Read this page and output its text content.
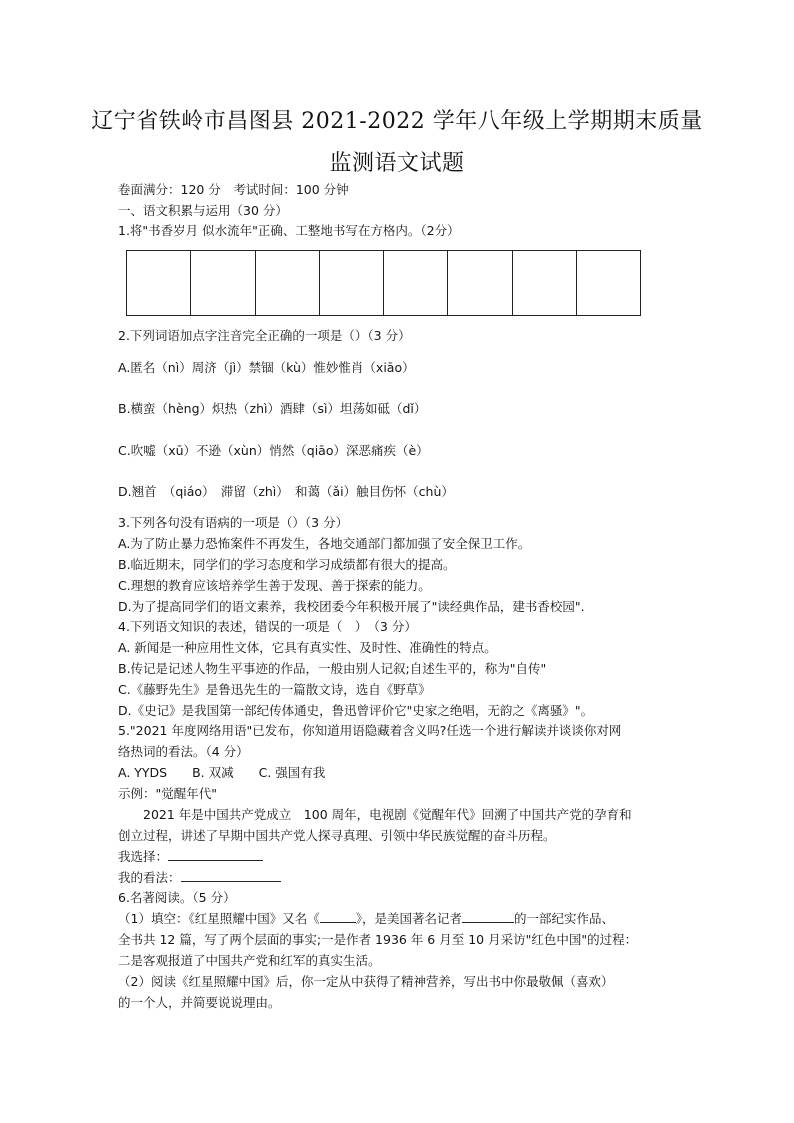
辽宁省铁岭市昌图县 2021-2022 学年八年级上学期期末质量
监测语文试题
卷面满分：120 分　考试时间：100 分钟
一、语文积累与运用（30 分）
1.将"书香岁月 似水流年"正确、工整地书写在方格内。（2分）
2.下列词语加点字注音完全正确的一项是（）（3 分）
A.匿名（nì）周济（jì）禁锢（kù）惟妙惟肖（xiāo）
B.横蛮（hèng）炽热（zhì）酒肆（sì）坦荡如砥（dǐ）
C.吹嘘（xū）不逊（xùn）悄然（qiāo）深恶痛疾（è）
D.翘首　（qiáo）　滞留（zhì）　和蔼（ǎi）触目伤怀（chù）
3.下列各句没有语病的一项是（）（3 分）
A.为了防止暴力恐怖案件不再发生，各地交通部门都加强了安全保卫工作。
B.临近期末，同学们的学习态度和学习成绩都有很大的提高。
C.理想的教育应该培养学生善于发现、善于探索的能力。
D.为了提高同学们的语文素养，我校团委今年积极开展了"读经典作品，建书香校园".
4.下列语文知识的表述，错误的一项是（　）　（3 分）
A. 新闻是一种应用性文体，它具有真实性、及时性、准确性的特点。
B.传记是记述人物生平事迹的作品，一般由别人记叙;自述生平的，称为"自传"
C.《藤野先生》是鲁迅先生的一篇散文诗，选自《野草》
D.《史记》是我国第一部纪传体通史，鲁迅曾评价它"史家之绝唱，无韵之《离骚》"。
5."2021 年度网络用语"已发布，你知道用语隐藏着含义吗?任选一个进行解读并谈谈你对网
络热词的看法。（4 分）
A. YYDS　　B. 双减　　C. 强国有我
示例："觉醒年代"
　　2021 年是中国共产党成立　100 周年，电视剧《觉醒年代》回溯了中国共产党的孕育和
创立过程，讲述了早期中国共产党人探寻真理、引领中华民族觉醒的奋斗历程。
我选择：
我的看法：
6.名著阅读。（5 分）
（1）填空：《红星照耀中国》又名《	》，是美国著名记者	的一部纪实作品、
全书共 12 篇，写了两个层面的事实;一是作者 1936 年 6 月至 10 月采访"红色中国"的过程：
二是客观报道了中国共产党和红军的真实生活。
（2）阅读《红星照耀中国》后，你一定从中获得了精神营养，写出书中你最敬佩（喜欢）
的一个人，并简要说说理由。
